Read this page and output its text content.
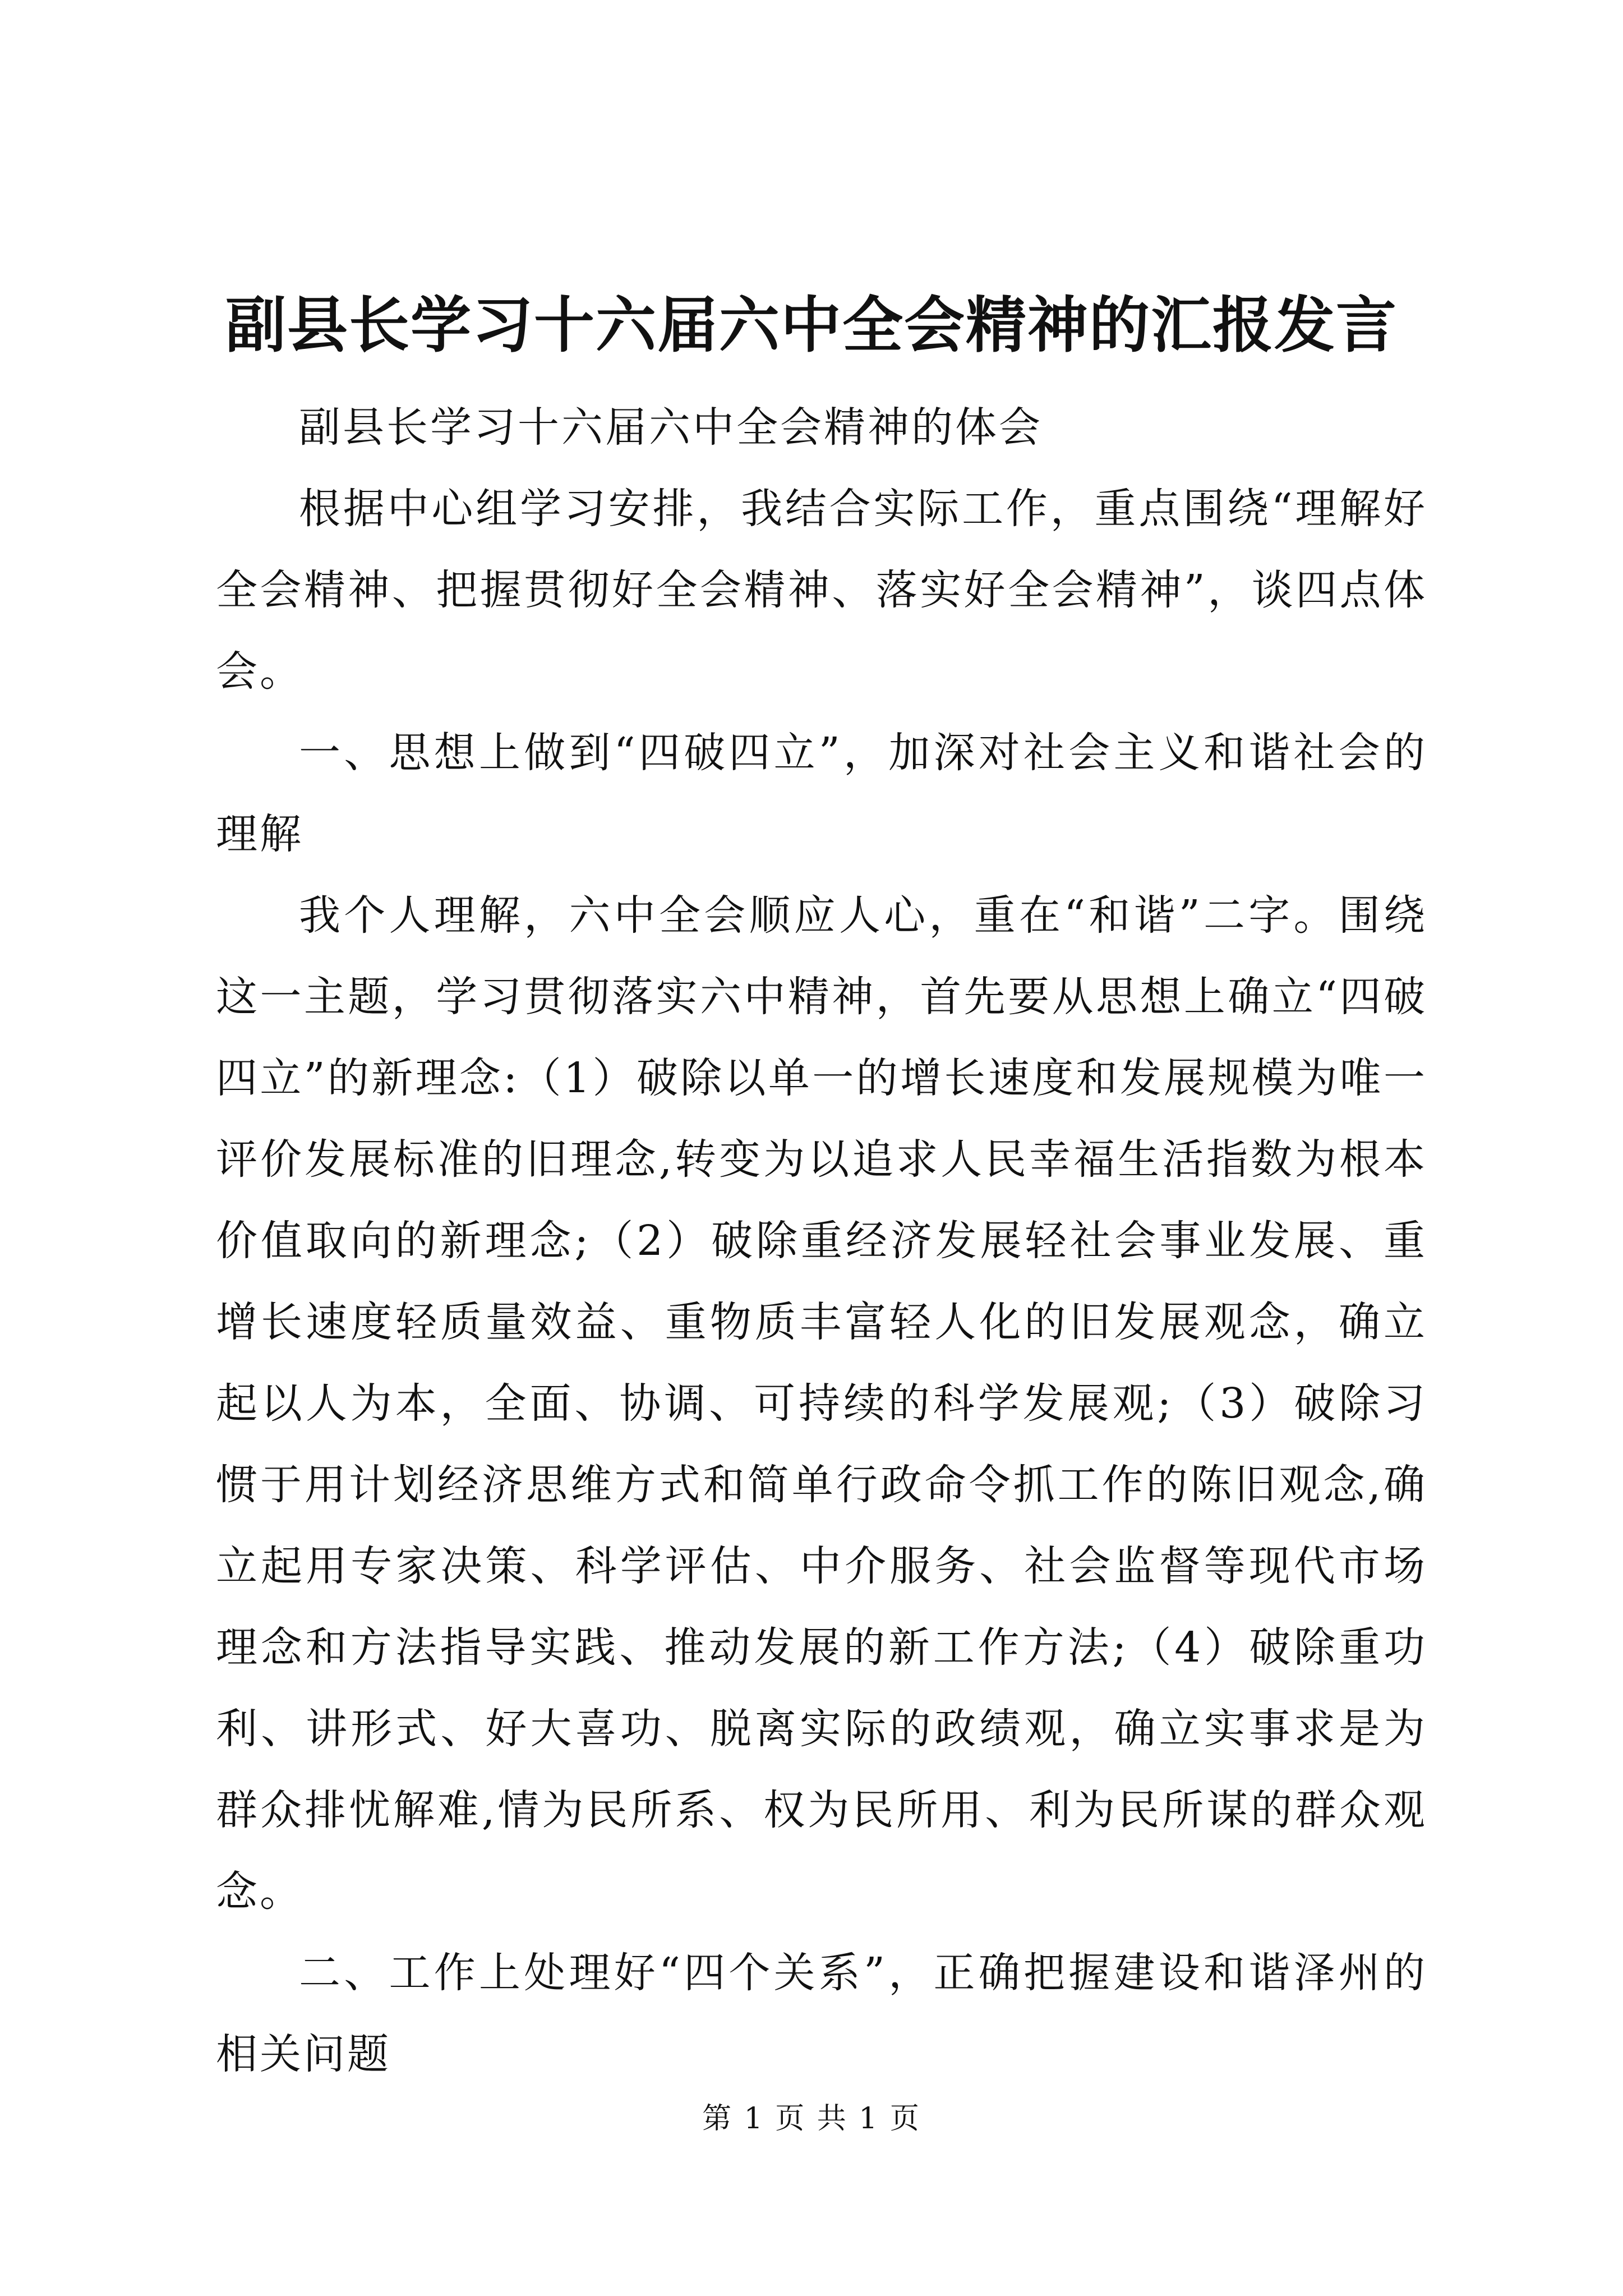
副县长学习十六届六中全会精神的汇报发言

副县长学习十六届六中全会精神的体会

根据中心组学习安排，我结合实际工作，重点围绕“理解好全会精神、把握贯彻好全会精神、落实好全会精神”，谈四点体会。

一、思想上做到“四破四立”，加深对社会主义和谐社会的理解

我个人理解，六中全会顺应人心，重在“和谐”二字。围绕这一主题，学习贯彻落实六中精神，首先要从思想上确立“四破四立”的新理念:（1）破除以单一的增长速度和发展规模为唯一评价发展标准的旧理念,转变为以追求人民幸福生活指数为根本价值取向的新理念;（2）破除重经济发展轻社会事业发展、重增长速度轻质量效益、重物质丰富轻人化的旧发展观念，确立起以人为本，全面、协调、可持续的科学发展观;（3）破除习惯于用计划经济思维方式和简单行政命令抓工作的陈旧观念,确立起用专家决策、科学评估、中介服务、社会监督等现代市场理念和方法指导实践、推动发展的新工作方法;（4）破除重功利、讲形式、好大喜功、脱离实际的政绩观，确立实事求是为群众排忧解难,情为民所系、权为民所用、利为民所谋的群众观念。

二、工作上处理好“四个关系”，正确把握建设和谐泽州的相关问题

第 1 页 共 1 页
